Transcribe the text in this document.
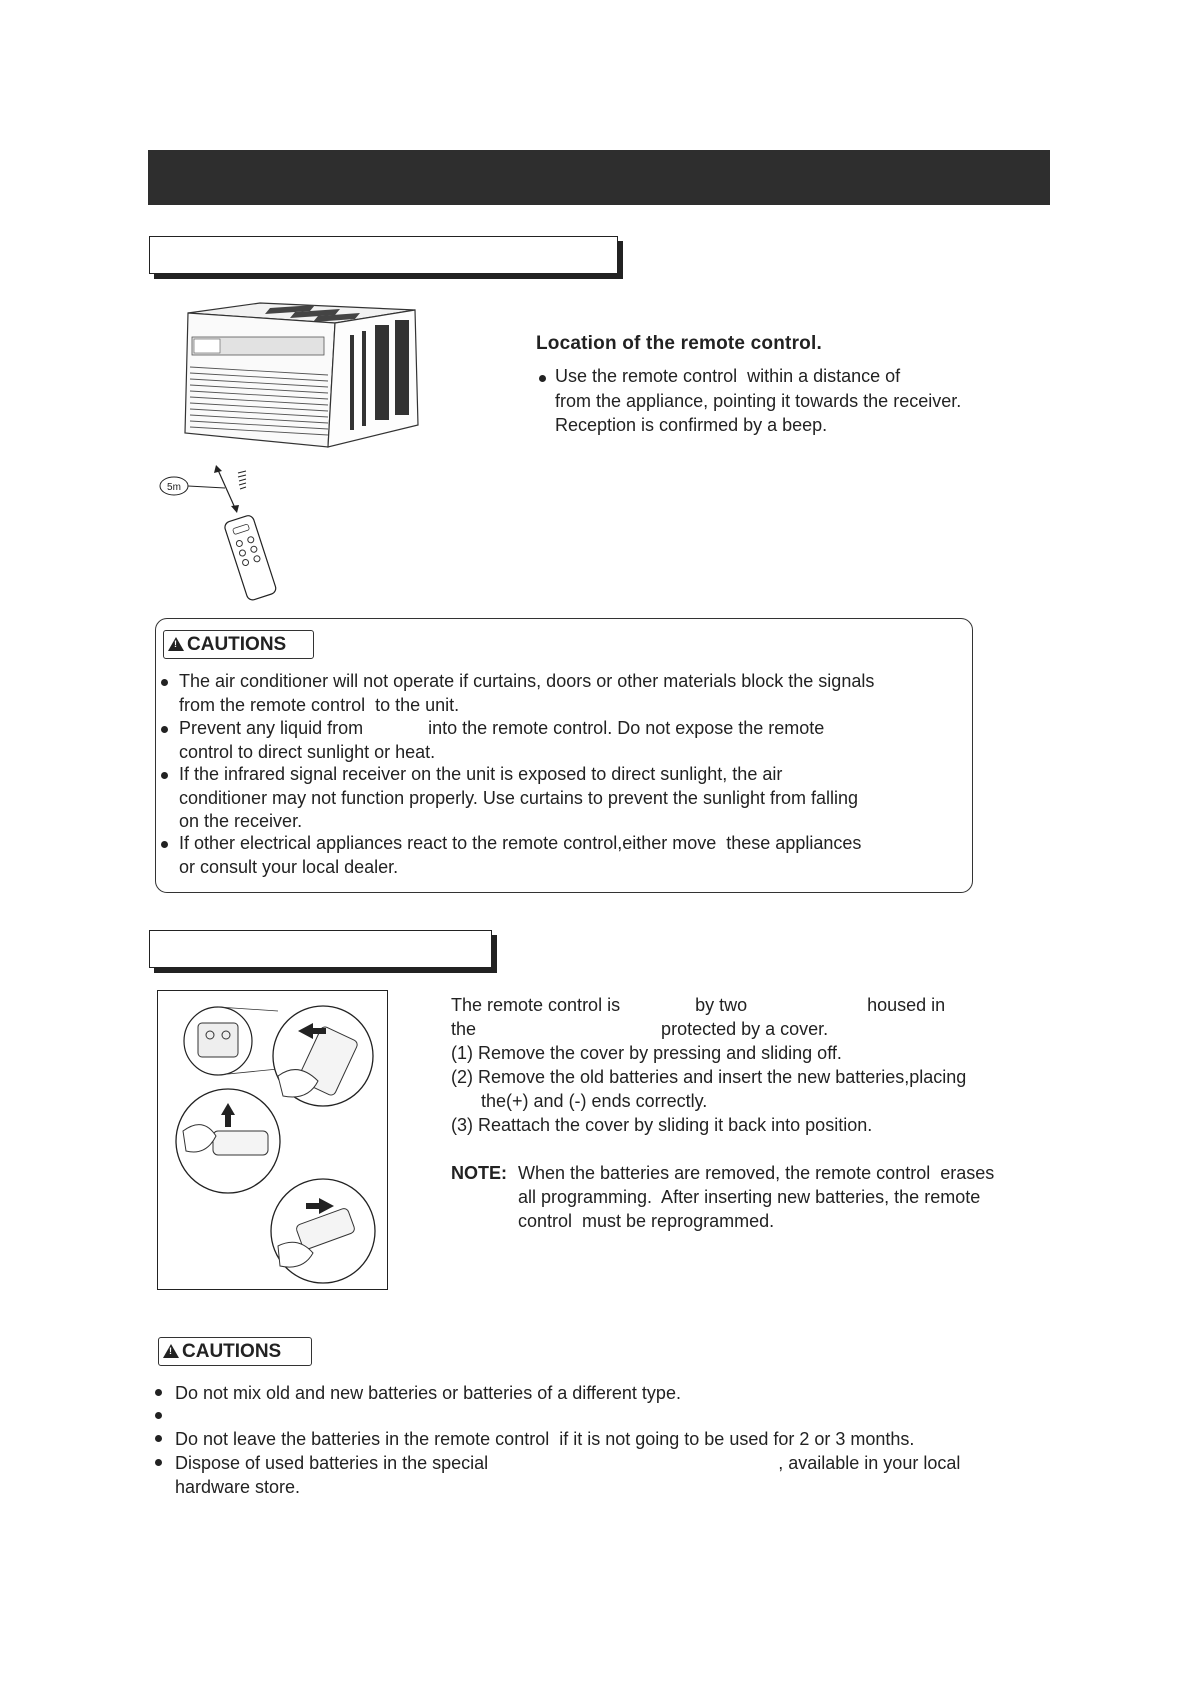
5m
Location of the remote control.
Use the remote control  within a distance of
from the appliance, pointing it towards the receiver.
Reception is confirmed by a beep.
! CAUTIONS
The air conditioner will not operate if curtains, doors or other materials block the signals
from the remote control  to the unit.
Prevent any liquid from             into the remote control. Do not expose the remote
control to direct sunlight or heat.
If the infrared signal receiver on the unit is exposed to direct sunlight, the air
conditioner may not function properly. Use curtains to prevent the sunlight from falling
on the receiver.
If other electrical appliances react to the remote control,either move  these appliances
or consult your local dealer.
The remote control is               by two                        housed in
the                                     protected by a cover.
(1) Remove the cover by pressing and sliding off.
(2) Remove the old batteries and insert the new batteries,placing
the(+) and (-) ends correctly.
(3) Reattach the cover by sliding it back into position.
NOTE: When the batteries are removed, the remote control  erases
all programming.  After inserting new batteries, the remote
control  must be reprogrammed.
! CAUTIONS
Do not mix old and new batteries or batteries of a different type.
Do not leave the batteries in the remote control  if it is not going to be used for 2 or 3 months.
Dispose of used batteries in the special                                                          , available in your local
hardware store.
